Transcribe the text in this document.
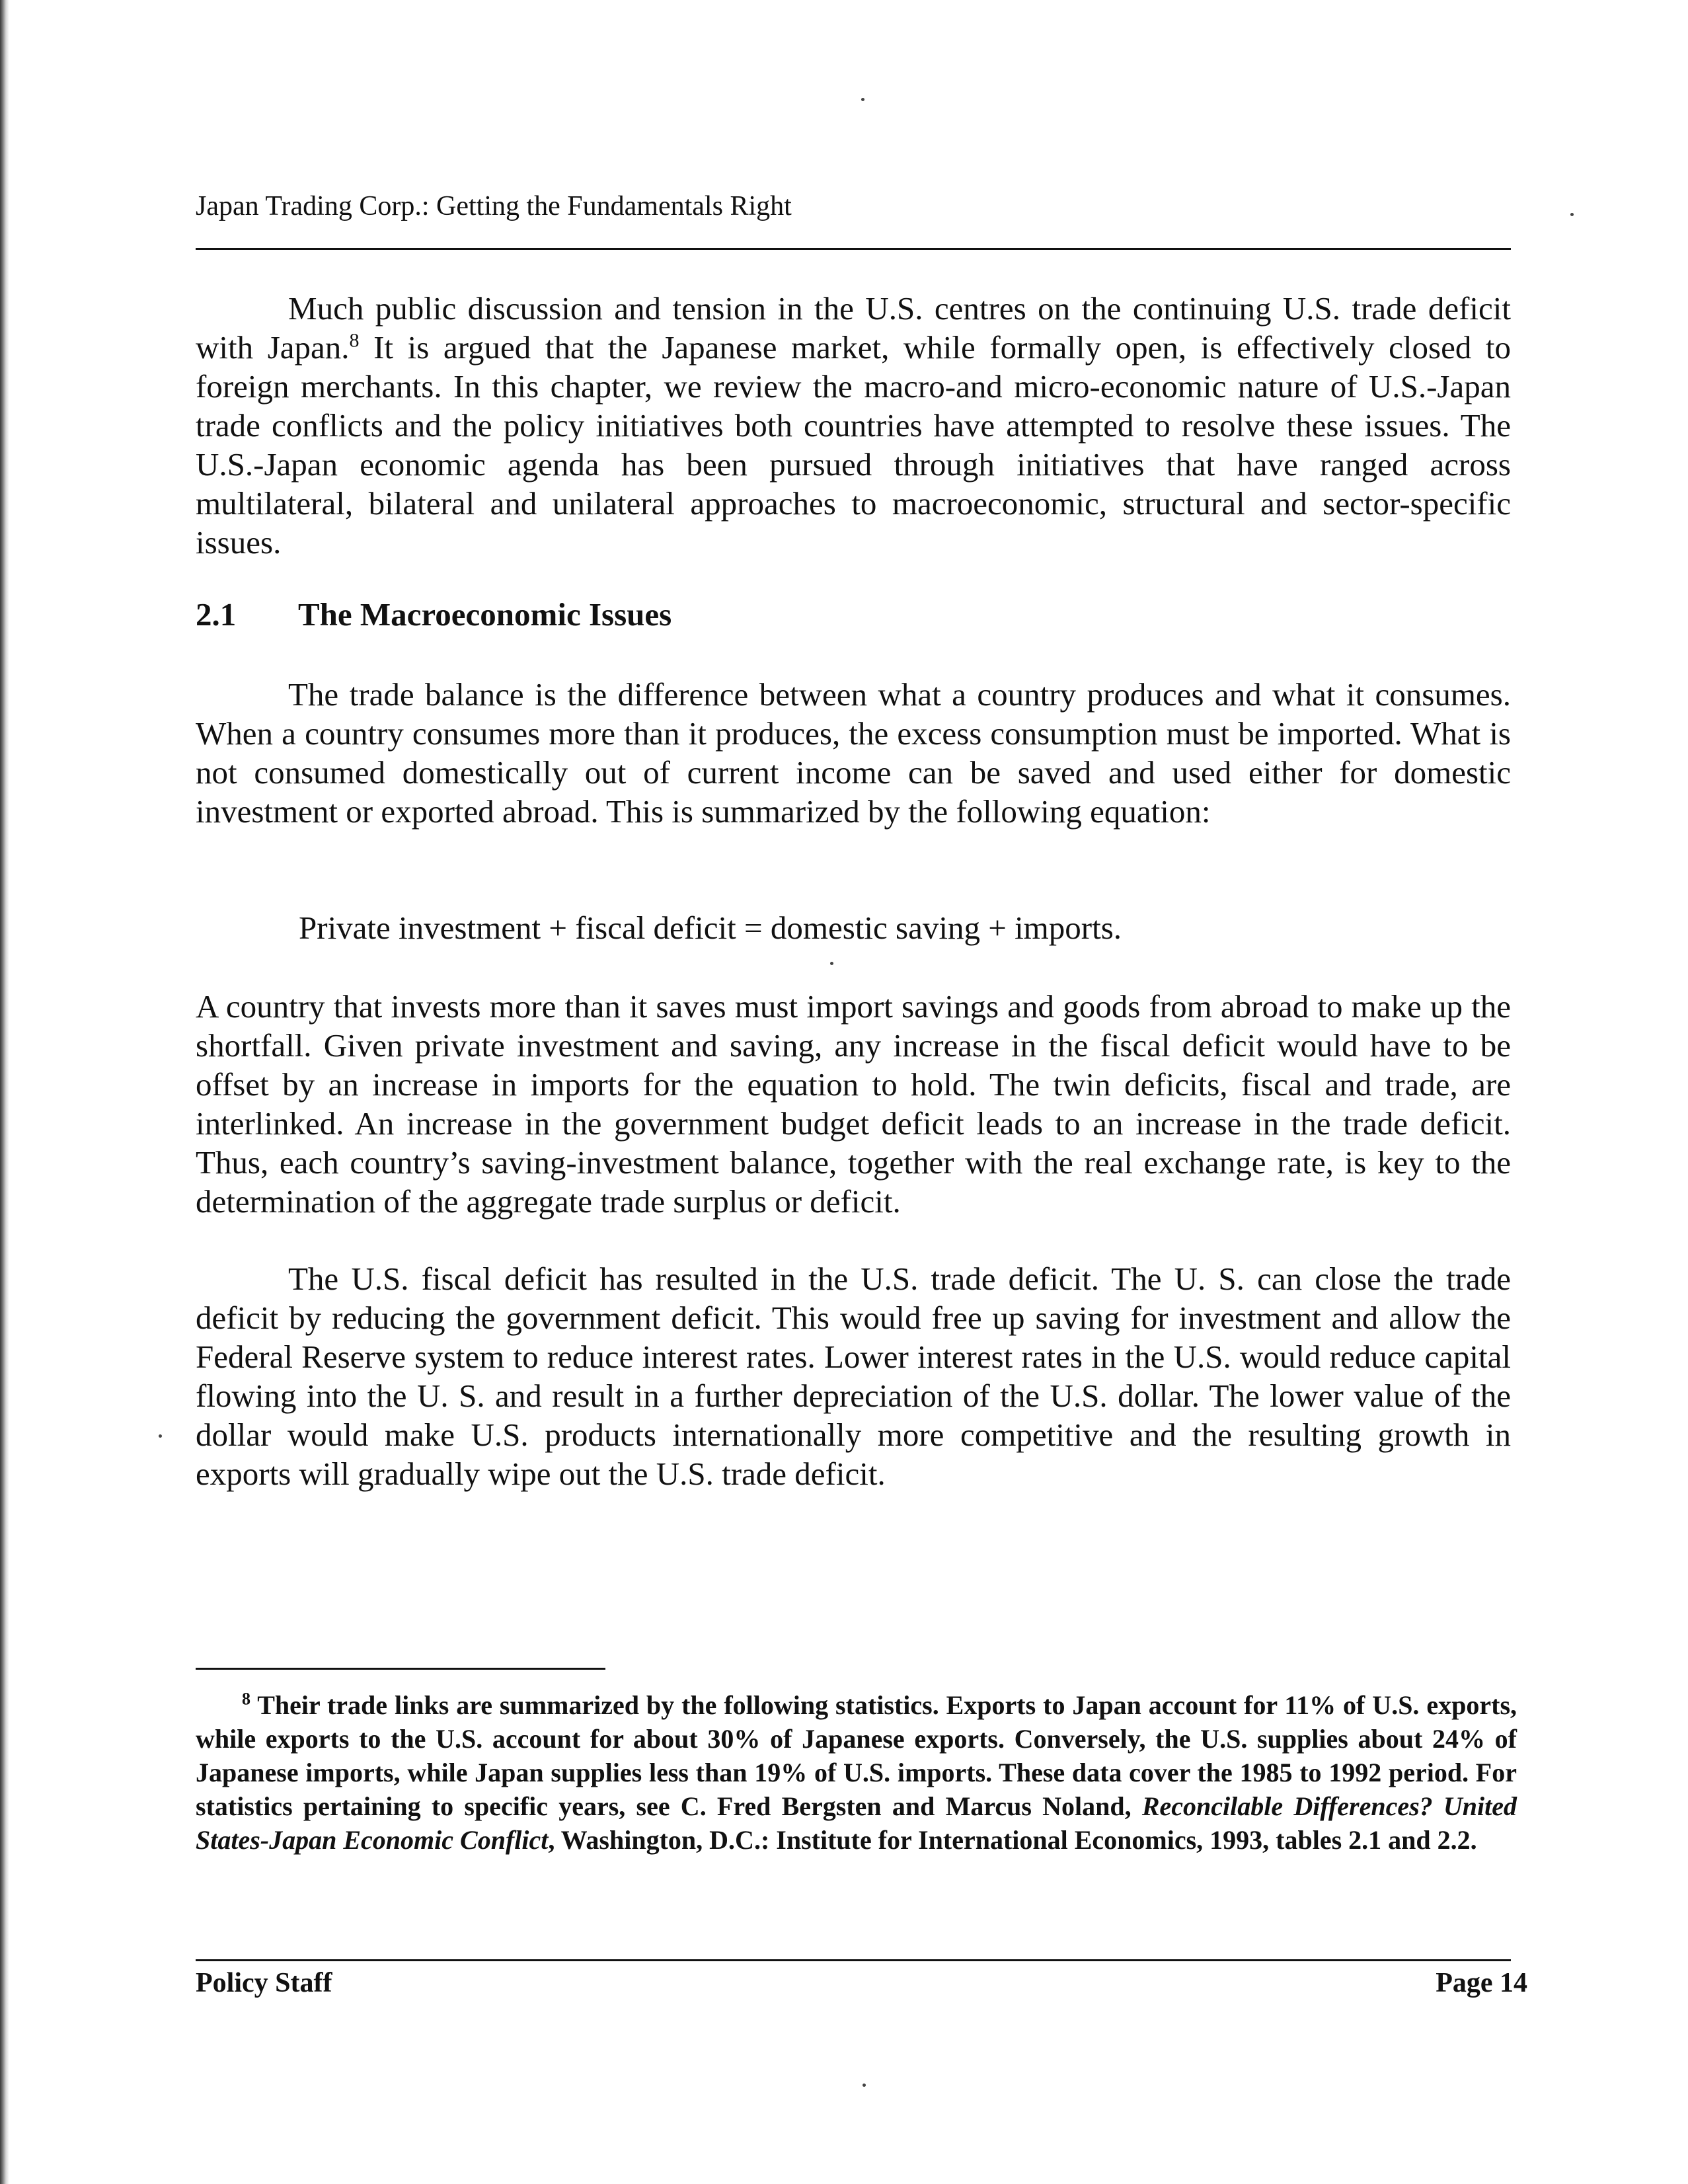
Japan Trading Corp.: Getting the Fundamentals Right

Much public discussion and tension in the U.S. centres on the continuing U.S. trade deficit with Japan.$^8$ It is argued that the Japanese market, while formally open, is effectively closed to foreign merchants. In this chapter, we review the macro-and micro-economic nature of U.S.-Japan trade conflicts and the policy initiatives both countries have attempted to resolve these issues. The U.S.-Japan economic agenda has been pursued through initiatives that have ranged across multilateral, bilateral and unilateral approaches to macroeconomic, structural and sector-specific issues.

2.1 The Macroeconomic Issues

The trade balance is the difference between what a country produces and what it consumes. When a country consumes more than it produces, the excess consumption must be imported. What is not consumed domestically out of current income can be saved and used either for domestic investment or exported abroad. This is summarized by the following equation:

Private investment + fiscal deficit = domestic saving + imports.

A country that invests more than it saves must import savings and goods from abroad to make up the shortfall. Given private investment and saving, any increase in the fiscal deficit would have to be offset by an increase in imports for the equation to hold. The twin deficits, fiscal and trade, are interlinked. An increase in the government budget deficit leads to an increase in the trade deficit. Thus, each country’s saving-investment balance, together with the real exchange rate, is key to the determination of the aggregate trade surplus or deficit.

The U.S. fiscal deficit has resulted in the U.S. trade deficit. The U. S. can close the trade deficit by reducing the government deficit. This would free up saving for investment and allow the Federal Reserve system to reduce interest rates. Lower interest rates in the U.S. would reduce capital flowing into the U. S. and result in a further depreciation of the U.S. dollar. The lower value of the dollar would make U.S. products internationally more competitive and the resulting growth in exports will gradually wipe out the U.S. trade deficit.

$^8$ Their trade links are summarized by the following statistics. Exports to Japan account for 11% of U.S. exports, while exports to the U.S. account for about 30% of Japanese exports. Conversely, the U.S. supplies about 24% of Japanese imports, while Japan supplies less than 19% of U.S. imports. These data cover the 1985 to 1992 period. For statistics pertaining to specific years, see C. Fred Bergsten and Marcus Noland, Reconcilable Differences? United States-Japan Economic Conflict, Washington, D.C.: Institute for International Economics, 1993, tables 2.1 and 2.2.

Policy Staff	Page 14
